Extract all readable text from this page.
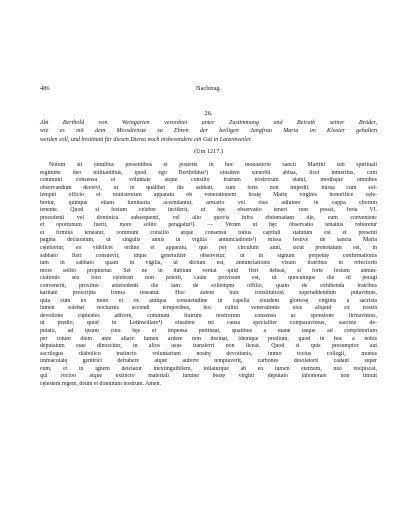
486	Nachtrag.
26.

Abt Berthold von Weingarten verordnet unter Zustimmung und Beirath seiner Brüder,
wie es mit dem Messdienste zu Ehren der heiligen Jungfrau Maria im Kloster gehalten
werden soll, und bestimmt für diesen Dienst noch insbesondere ein Gut in Lotzenweiler.

(Um 1217.)

Notum sit omnibus presentibus et posteris in hoc monasterio sancti Martini sub spirituali
regimine deo militantibus, quod ego Bertholdus¹) eiusdem cœnobii abbas, licet inmeritus, cum
communi consensu et voluntate atque consilio fratrum nostrorum statui, modisque omnibus
observandum decrevi, ut in qualibet die sabbati, cum ferie non impedit, missa cum sol-
lempni officio et ministrorum apparatu ob venerationem beatę Marię virginis honorifice cęle-
bretur, quinque etiam luminaria accendantur, armario vel eius adiutore in cappa chorum
tenente. Quod si festum celebre inciderit, ut hęc observatio teneri non possit, feria VI.
precedenti vel dominica subsequenti, vel alio quovis infra ebdomadam die, cum convenienс
et oportunum fuerit, more solito peragatur²). — Verum ut hęc observatio tenatius roboretur
et firmius teneatur, communi consilio atque consensu totius capituli statutum est et presenti
pagina declaratum, ut singulis annis in vigilia annunciationis³) missa festive de sancta Maria
cęlebretur, eo videlicet ordine et apparatu, quo per circulum anni, sicut prenotatum est, in
sabbato fieri consuevit, idque generaliter observetur, ut in signum perpetuę confirmationis
tam in sabbato quam in vigilia, ut dictum est, annunciationis visum fratribus in refectorio
more solito propinetur. Set ne in dubium veniat quid fieri debeat, si forte festum annun-
ciationis seu loco cęlebrari non poterit, caute provisum est, ut quocumque die id peragi
convenerit, proximo antecedenti die tam de sollempni offitio, quam de exhibenda fratribus
karitate prescripta forma teneatur. Hoc autem huic constitutioni superaddendum putavimus,
quia cum ex more et ex antiqua consuetudine in capella eiusdem gloriosę virginis a sacrista
lumen solebat nocturnis accendi temporibus, hoc cultui venerationis eius aliquid ex nostra
devotione cupientes adicere, communi fratrum nostrorum consensu ac sponsione firmavimus,
ut predio, quod in Lotinwillare⁴) eiusdem rei causa specialiter comparavimus, sacriste de-
putato, ad ipsum cura hęc et impensa pertineat, quatinus a mane usque ad completorium
per totum diem ante altare lumen ardere non desinat, idemque predium, quod in hoc a nobis
deputatum esse dinoscitur, in alios usus transferri non liceat. Quod si quis presumptor aut
sacrilegus diabolico instincto voluntarium nostrę devotionis, immo tocius collegii, munus
immaculatę genitrici detrahere atque auferre temptaverit, carbones desolatorii cadant super
eum, et in ignem deiciatur inextinguibilem, tollaturque ab eo lumen eternum, nisi resipiscat,
qui recioo atque extincto materiali lumine beatę virgini deputato inhonorare non timuit
cęlestem regem, deum et dominum nostrum. Amen.
